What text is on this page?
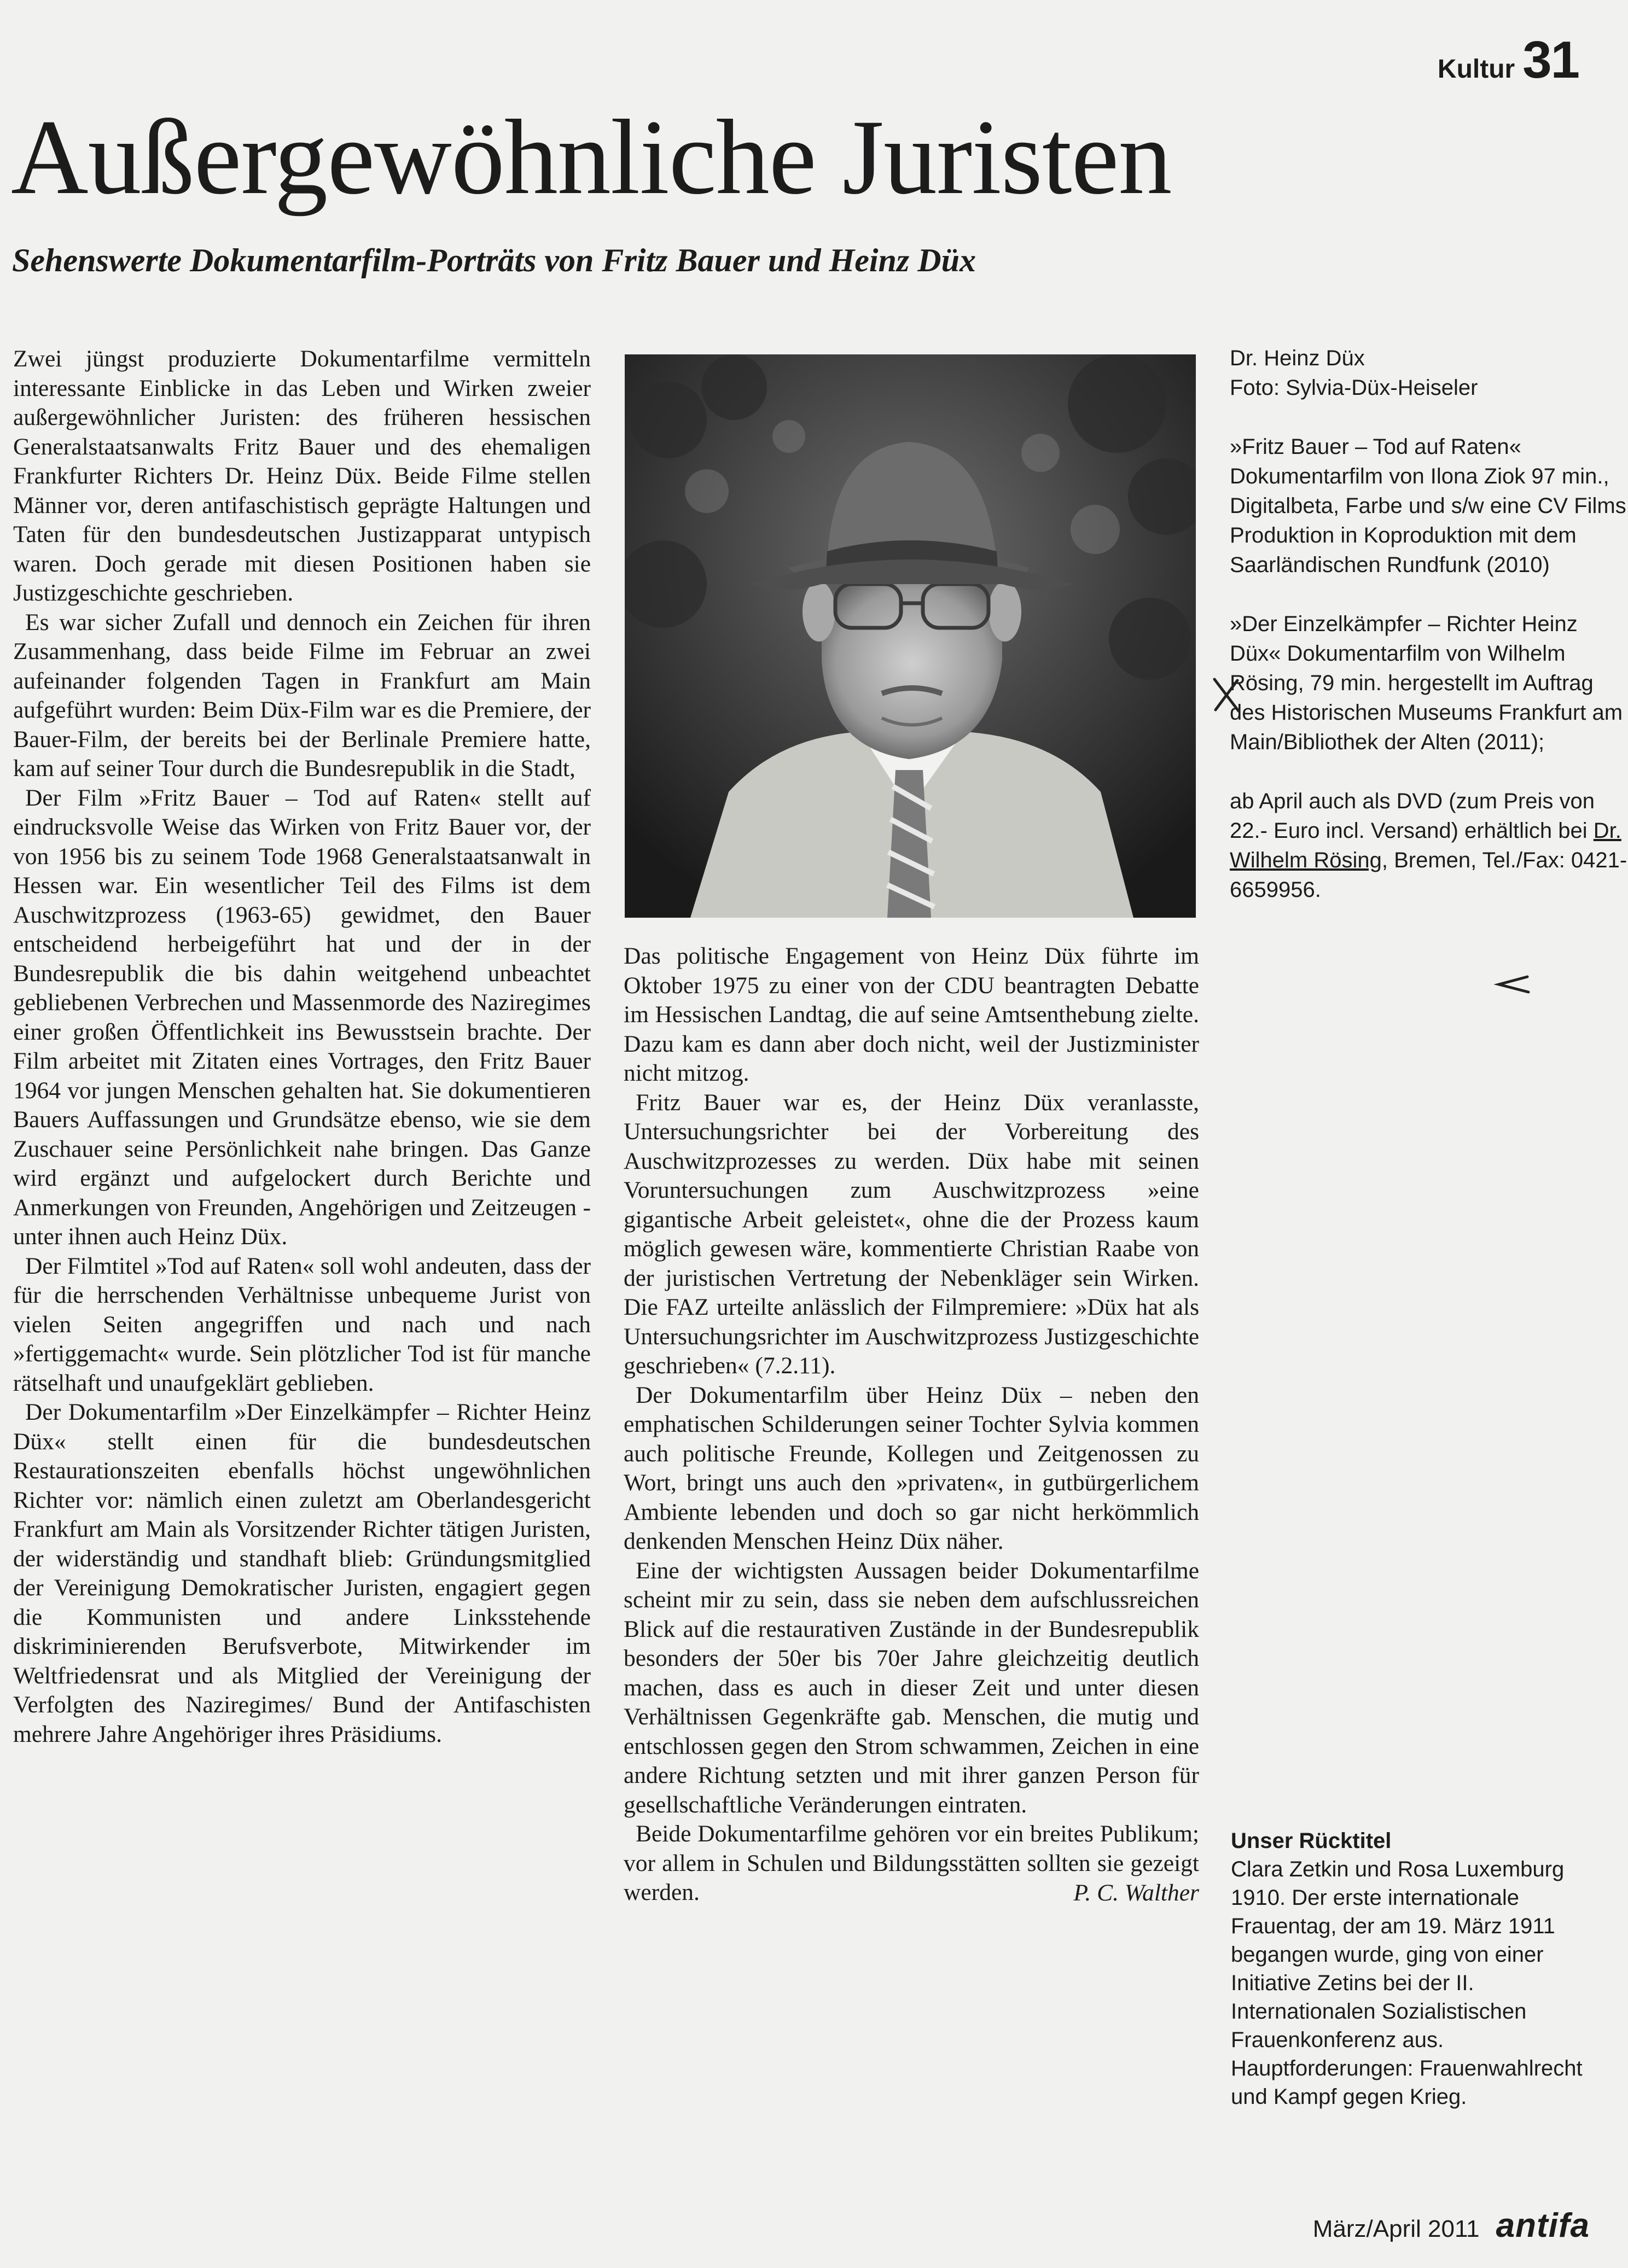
Kultur 31
Außergewöhnliche Juristen
Sehenswerte Dokumentarfilm-Porträts von Fritz Bauer und Heinz Düx

Zwei jüngst produzierte Dokumentarfilme vermitteln interessante Einblicke in das Leben und Wirken zweier außergewöhnlicher Juristen: des früheren hessischen Generalstaatsanwalts Fritz Bauer und des ehemaligen Frankfurter Richters Dr. Heinz Düx. Beide Filme stellen Männer vor, deren antifaschistisch geprägte Haltungen und Taten für den bundesdeutschen Justizapparat untypisch waren. Doch gerade mit diesen Positionen haben sie Justizgeschichte geschrieben.

Es war sicher Zufall und dennoch ein Zeichen für ihren Zusammenhang, dass beide Filme im Februar an zwei aufeinander folgenden Tagen in Frankfurt am Main aufgeführt wurden: Beim Düx-Film war es die Premiere, der Bauer-Film, der bereits bei der Berlinale Premiere hatte, kam auf seiner Tour durch die Bundesrepublik in die Stadt,

Der Film »Fritz Bauer – Tod auf Raten« stellt auf eindrucksvolle Weise das Wirken von Fritz Bauer vor, der von 1956 bis zu seinem Tode 1968 Generalstaatsanwalt in Hessen war. Ein wesentlicher Teil des Films ist dem Auschwitzprozess (1963-65) gewidmet, den Bauer entscheidend herbeigeführt hat und der in der Bundesrepublik die bis dahin weitgehend unbeachtet gebliebenen Verbrechen und Massenmorde des Naziregimes einer großen Öffentlichkeit ins Bewusstsein brachte. Der Film arbeitet mit Zitaten eines Vortrages, den Fritz Bauer 1964 vor jungen Menschen gehalten hat. Sie dokumentieren Bauers Auffassungen und Grundsätze ebenso, wie sie dem Zuschauer seine Persönlichkeit nahe bringen. Das Ganze wird ergänzt und aufgelockert durch Berichte und Anmerkungen von Freunden, Angehörigen und Zeitzeugen - unter ihnen auch Heinz Düx.

Der Filmtitel »Tod auf Raten« soll wohl andeuten, dass der für die herrschenden Verhältnisse unbequeme Jurist von vielen Seiten angegriffen und nach und nach »fertiggemacht« wurde. Sein plötzlicher Tod ist für manche rätselhaft und unaufgeklärt geblieben.

Der Dokumentarfilm »Der Einzelkämpfer – Richter Heinz Düx« stellt einen für die bundesdeutschen Restaurationszeiten ebenfalls höchst ungewöhnlichen Richter vor: nämlich einen zuletzt am Oberlandesgericht Frankfurt am Main als Vorsitzender Richter tätigen Juristen, der widerständig und standhaft blieb: Gründungsmitglied der Vereinigung Demokratischer Juristen, engagiert gegen die Kommunisten und andere Linksstehende diskriminierenden Berufsverbote, Mitwirkender im Weltfriedensrat und als Mitglied der Vereinigung der Verfolgten des Naziregimes/ Bund der Antifaschisten mehrere Jahre Angehöriger ihres Präsidiums.

Das politische Engagement von Heinz Düx führte im Oktober 1975 zu einer von der CDU beantragten Debatte im Hessischen Landtag, die auf seine Amtsenthebung zielte. Dazu kam es dann aber doch nicht, weil der Justizminister nicht mitzog.

Fritz Bauer war es, der Heinz Düx veranlasste, Untersuchungsrichter bei der Vorbereitung des Auschwitzprozesses zu werden. Düx habe mit seinen Voruntersuchungen zum Auschwitzprozess »eine gigantische Arbeit geleistet«, ohne die der Prozess kaum möglich gewesen wäre, kommentierte Christian Raabe von der juristischen Vertretung der Nebenkläger sein Wirken. Die FAZ urteilte anlässlich der Filmpremiere: »Düx hat als Untersuchungsrichter im Auschwitzprozess Justizgeschichte geschrieben« (7.2.11).

Der Dokumentarfilm über Heinz Düx – neben den emphatischen Schilderungen seiner Tochter Sylvia kommen auch politische Freunde, Kollegen und Zeitgenossen zu Wort, bringt uns auch den »privaten«, in gutbürgerlichem Ambiente lebenden und doch so gar nicht herkömmlich denkenden Menschen Heinz Düx näher.

Eine der wichtigsten Aussagen beider Dokumentarfilme scheint mir zu sein, dass sie neben dem aufschlussreichen Blick auf die restaurativen Zustände in der Bundesrepublik besonders der 50er bis 70er Jahre gleichzeitig deutlich machen, dass es auch in dieser Zeit und unter diesen Verhältnissen Gegenkräfte gab. Menschen, die mutig und entschlossen gegen den Strom schwammen, Zeichen in eine andere Richtung setzten und mit ihrer ganzen Person für gesellschaftliche Veränderungen eintraten.

Beide Dokumentarfilme gehören vor ein breites Publikum; vor allem in Schulen und Bildungsstätten sollten sie gezeigt werden.	P. C. Walther

Dr. Heinz Düx
Foto: Sylvia-Düx-Heiseler

»Fritz Bauer – Tod auf Raten« Dokumentarfilm von Ilona Ziok 97 min., Digitalbeta, Farbe und s/w eine CV Films Produktion in Koproduktion mit dem Saarländischen Rundfunk (2010)

»Der Einzelkämpfer – Richter Heinz Düx« Dokumentarfilm von Wilhelm Rösing, 79 min. hergestellt im Auftrag des Historischen Museums Frankfurt am Main/Bibliothek der Alten (2011);

ab April auch als DVD (zum Preis von 22.- Euro incl. Versand) erhältlich bei Dr. Wilhelm Rösing, Bremen, Tel./Fax: 0421-6659956.

Unser Rücktitel

Clara Zetkin und Rosa Luxemburg 1910. Der erste internationale Frauentag, der am 19. März 1911 begangen wurde, ging von einer Initiative Zetins bei der II. Internationalen Sozialistischen Frauenkonferenz aus. Hauptforderungen: Frauenwahlrecht und Kampf gegen Krieg.

März/April 2011 antifa
